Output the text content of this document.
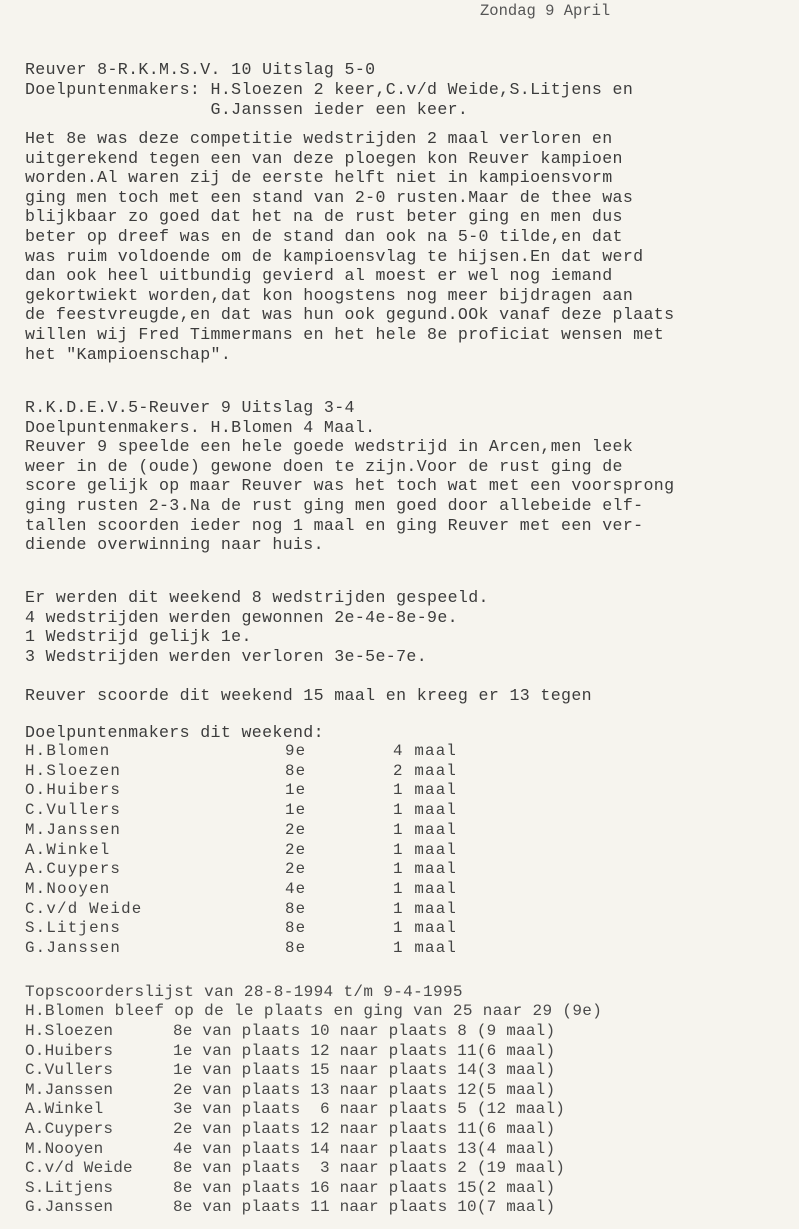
Zondag 9 April
Reuver 8-R.K.M.S.V. 10 Uitslag 5-0
Doelpuntenmakers: H.Sloezen 2 keer,C.v/d Weide,S.Litjens en
G.Janssen ieder een keer.
Het 8e was deze competitie wedstrijden 2 maal verloren en
uitgerekend tegen een van deze ploegen kon Reuver kampioen
worden.Al waren zij de eerste helft niet in kampioensvorm
ging men toch met een stand van 2-0 rusten.Maar de thee was
blijkbaar zo goed dat het na de rust beter ging en men dus
beter op dreef was en de stand dan ook na 5-0 tilde,en dat
was ruim voldoende om de kampioensvlag te hijsen.En dat werd
dan ook heel uitbundig gevierd al moest er wel nog iemand
gekortwiekt worden,dat kon hoogstens nog meer bijdragen aan
de feestvreugde,en dat was hun ook gegund.OOk vanaf deze plaats
willen wij Fred Timmermans en het hele 8e proficiat wensen met
het "Kampioenschap".
R.K.D.E.V.5-Reuver 9 Uitslag 3-4
Doelpuntenmakers. H.Blomen 4 Maal.
Reuver 9 speelde een hele goede wedstrijd in Arcen,men leek
weer in de (oude) gewone doen te zijn.Voor de rust ging de
score gelijk op maar Reuver was het toch wat met een voorsprong
ging rusten 2-3.Na de rust ging men goed door allebeide elf-
tallen scoorden ieder nog 1 maal en ging Reuver met een ver-
diende overwinning naar huis.
Er werden dit weekend 8 wedstrijden gespeeld.
4 wedstrijden werden gewonnen 2e-4e-8e-9e.
1 Wedstrijd gelijk 1e.
3 Wedstrijden werden verloren 3e-5e-7e.
Reuver scoorde dit weekend 15 maal en kreeg er 13 tegen
Doelpuntenmakers dit weekend:
H.Blomen	9e	4 maal
H.Sloezen	8e	2 maal
O.Huibers	1e	1 maal
C.Vullers	1e	1 maal
M.Janssen	2e	1 maal
A.Winkel	2e	1 maal
A.Cuypers	2e	1 maal
M.Nooyen	4e	1 maal
C.v/d Weide	8e	1 maal
S.Litjens	8e	1 maal
G.Janssen	8e	1 maal
Topscoorderslijst van 28-8-1994 t/m 9-4-1995
H.Blomen bleef op de le plaats en ging van 25 naar 29 (9e)
H.Sloezen	8e van plaats 10 naar plaats 8 (9 maal)
O.Huibers	1e van plaats 12 naar plaats 11(6 maal)
C.Vullers	1e van plaats 15 naar plaats 14(3 maal)
M.Janssen	2e van plaats 13 naar plaats 12(5 maal)
A.Winkel	3e van plaats  6 naar plaats 5 (12 maal)
A.Cuypers	2e van plaats 12 naar plaats 11(6 maal)
M.Nooyen	4e van plaats 14 naar plaats 13(4 maal)
C.v/d Weide	8e van plaats  3 naar plaats 2 (19 maal)
S.Litjens	8e van plaats 16 naar plaats 15(2 maal)
G.Janssen	8e van plaats 11 naar plaats 10(7 maal)
